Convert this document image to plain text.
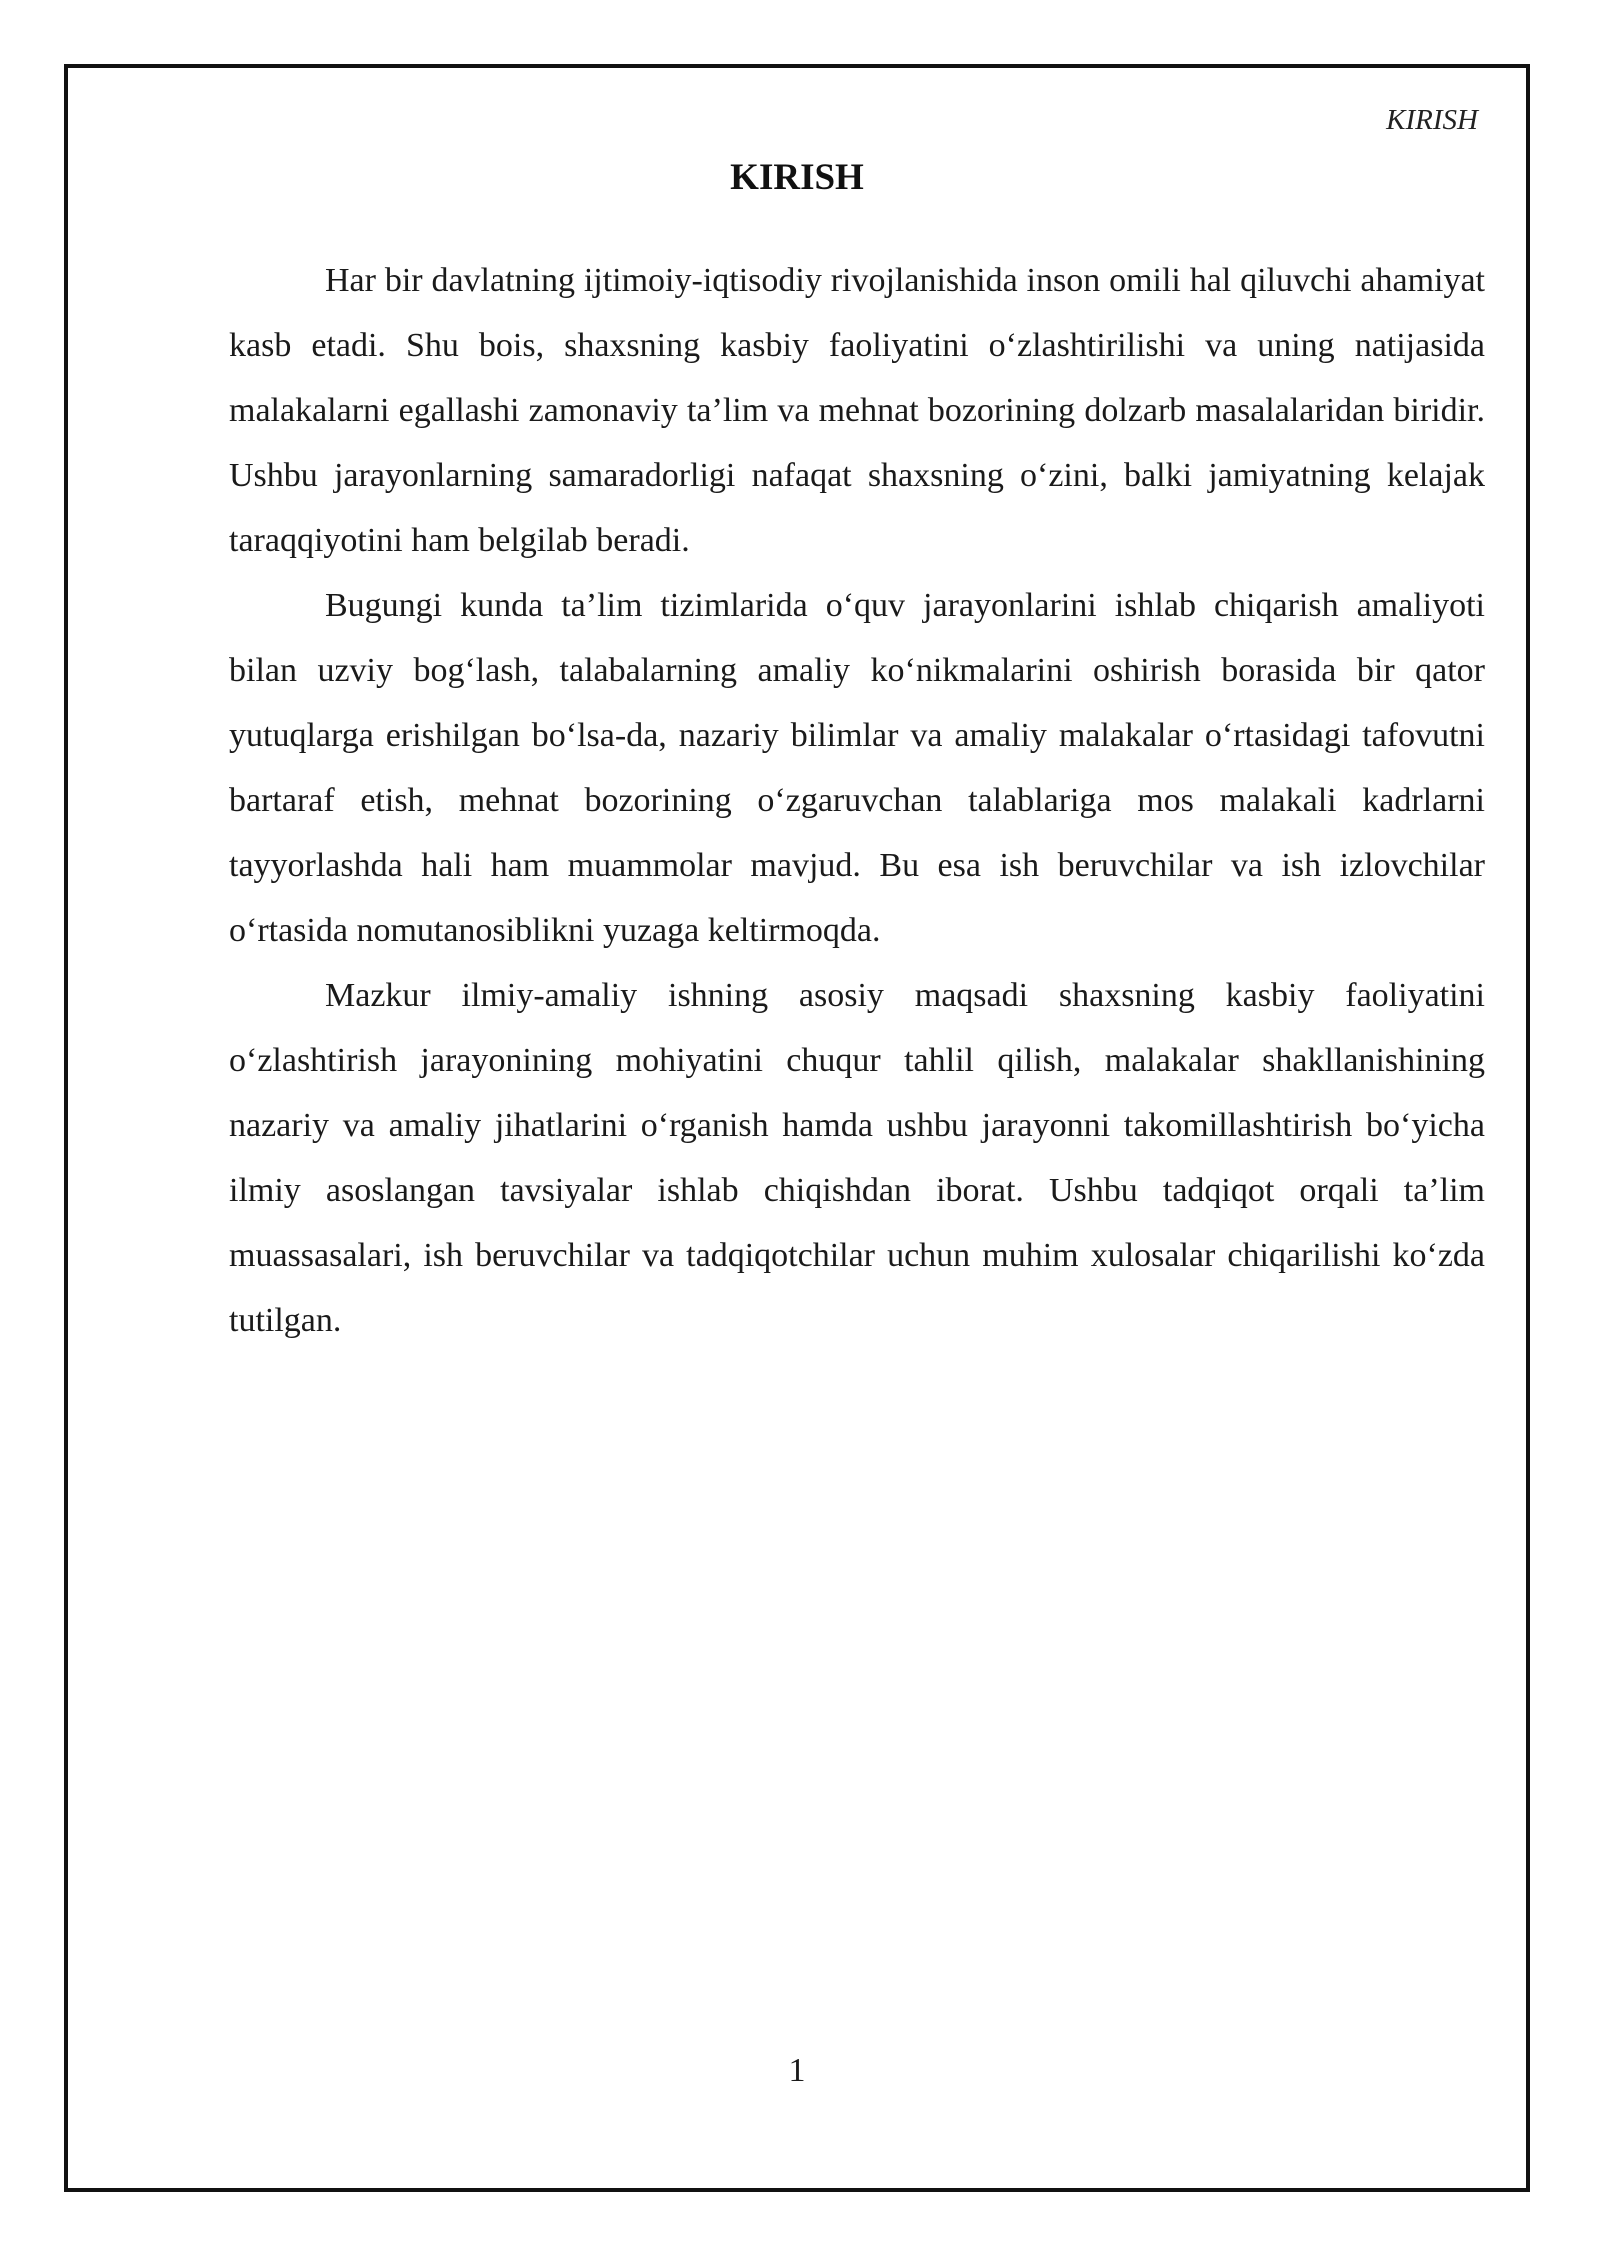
KIRISH
KIRISH

Har bir davlatning ijtimoiy-iqtisodiy rivojlanishida inson omili hal qiluvchi ahamiyat kasb etadi. Shu bois, shaxsning kasbiy faoliyatini o‘zlashtirilishi va uning natijasida malakalarni egallashi zamonaviy ta’lim va mehnat bozorining dolzarb masalalaridan biridir. Ushbu jarayonlarning samaradorligi nafaqat shaxsning o‘zini, balki jamiyatning kelajak taraqqiyotini ham belgilab beradi.

Bugungi kunda ta’lim tizimlarida o‘quv jarayonlarini ishlab chiqarish amaliyoti bilan uzviy bog‘lash, talabalarning amaliy ko‘nikmalarini oshirish borasida bir qator yutuqlarga erishilgan bo‘lsa-da, nazariy bilimlar va amaliy malakalar o‘rtasidagi tafovutni bartaraf etish, mehnat bozorining o‘zgaruvchan talablariga mos malakali kadrlarni tayyorlashda hali ham muammolar mavjud. Bu esa ish beruvchilar va ish izlovchilar o‘rtasida nomutanosiblikni yuzaga keltirmoqda.

Mazkur ilmiy-amaliy ishning asosiy maqsadi shaxsning kasbiy faoliyatini o‘zlashtirish jarayonining mohiyatini chuqur tahlil qilish, malakalar shakllanishining nazariy va amaliy jihatlarini o‘rganish hamda ushbu jarayonni takomillashtirish bo‘yicha ilmiy asoslangan tavsiyalar ishlab chiqishdan iborat. Ushbu tadqiqot orqali ta’lim muassasalari, ish beruvchilar va tadqiqotchilar uchun muhim xulosalar chiqarilishi ko‘zda tutilgan.

1
